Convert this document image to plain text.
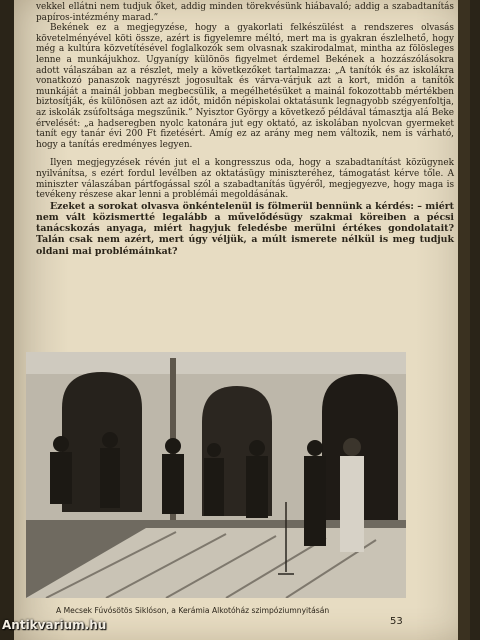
vekkel ellátni nem tudjuk őket, addig minden törekvésünk hiábavaló; addig a szabadtanítás papíros-intézmény marad.”

Bekének ez a megjegyzése, hogy a gyakorlati felkészülést a rendszeres olvasás követelményével köti össze, azért is figyelemre méltó, mert ma is gyakran észlelhető, hogy még a kultúra közvetítésével foglalkozók sem olvasnak szakirodalmat, mintha az fölösleges lenne a munkájukhoz. Ugyanígy különös figyelmet érdemel Bekének a hozzászólásokra adott válaszában az a részlet, mely a következőket tartalmazza: „A tanítók és az iskolákra vonatkozó panaszok nagyrészt jogosultak és várva-várjuk azt a kort, midőn a tanítók munkáját a mainál jobban megbecsülik, a megélhetésüket a mainál fokozottabb mértékben biztosítják, és különösen azt az időt, midőn népiskolai oktatásunk legnagyobb szégyenfoltja, az iskolák zsúfoltsága megszűnik.” Nyisztor György a következő példával támasztja alá Beke érvelését: „a hadseregben nyolc katonára jut egy oktató, az iskolában nyolcvan gyermeket tanít egy tanár évi 200 Ft fizetésért. Amíg ez az arány meg nem változik, nem is várható, hogy a tanítás eredményes legyen.

Ilyen megjegyzések révén jut el a kongresszus oda, hogy a szabadtanítást közügynek nyilvánítsa, s ezért fordul levélben az oktatásügy miniszteréhez, támogatást kérve tőle. A miniszter válaszában pártfogással szól a szabadtanítás ügyéről, megjegyezve, hogy maga is tevékeny részese akar lenni a problémái megoldásának.

Ezeket a sorokat olvasva önkéntelenül is fölmerül bennünk a kérdés: – miért nem vált közismertté legalább a művelődésügy szakmai köreiben a pécsi tanácskozás anyaga, miért hagyjuk feledésbe merülni értékes gondolatait? Talán csak nem azért, mert úgy véljük, a múlt ismerete nélkül is meg tudjuk oldani mai problémáinkat?

A Mecsek Fúvósötös Siklóson, a Kerámia Alkotóház szimpóziumnyitásán
53
Antikvarium.hu
